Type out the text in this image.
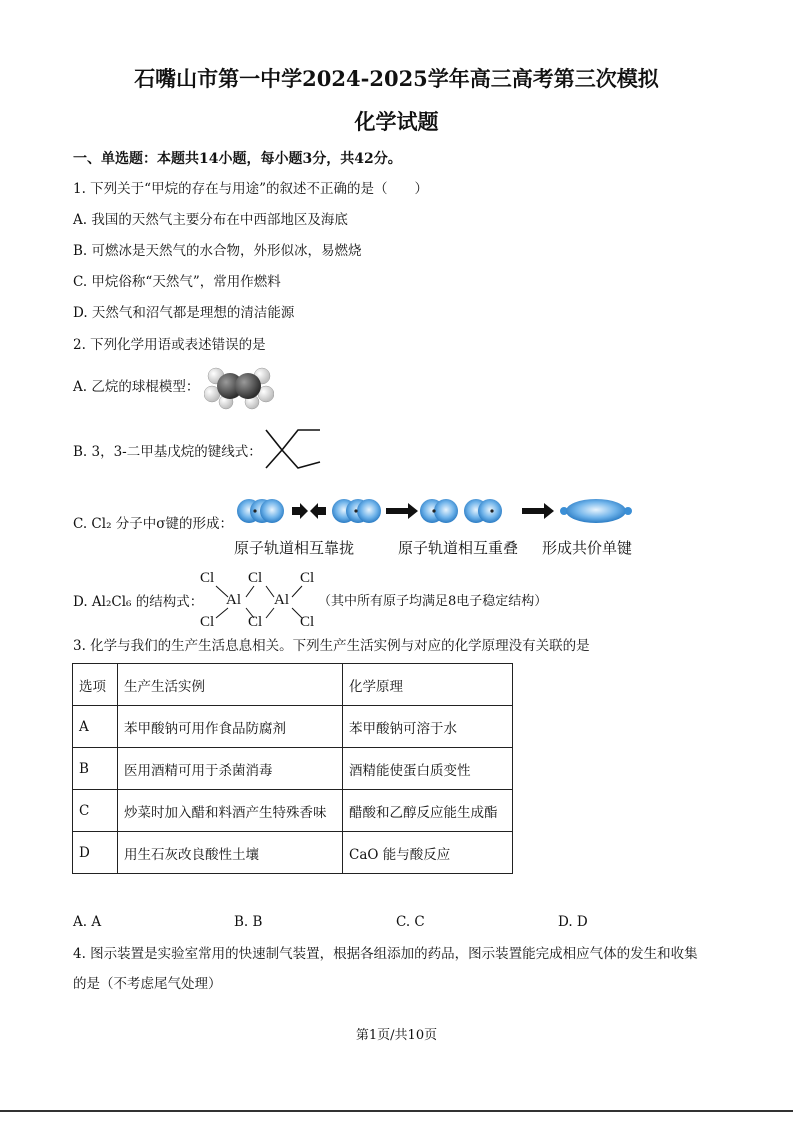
石嘴山市第一中学2024-2025学年高三高考第三次模拟
化学试题
一、单选题：本题共14小题，每小题3分，共42分。
1. 下列关于“甲烷的存在与用途”的叙述不正确的是（　　）
A. 我国的天然气主要分布在中西部地区及海底
B. 可燃冰是天然气的水合物，外形似冰，易燃烧
C. 甲烷俗称“天然气”，常用作燃料
D. 天然气和沼气都是理想的清洁能源
2. 下列化学用语或表述错误的是
A. 乙烷的球棍模型：
B. 3，3-二甲基戊烷的键线式：
C. Cl₂ 分子中σ键的形成：
原子轨道相互靠拢	原子轨道相互重叠 形成共价单键
D. Al₂Cl₆ 的结构式：
Cl Cl	Cl
Al Al
Cl Cl	Cl
（其中所有原子均满足8电子稳定结构）
3. 化学与我们的生产生活息息相关。下列生产生活实例与对应的化学原理没有关联的是
选项	生产生活实例	化学原理
A	苯甲酸钠可用作食品防腐剂	苯甲酸钠可溶于水
B	医用酒精可用于杀菌消毒	酒精能使蛋白质变性
C	炒菜时加入醋和料酒产生特殊香味	醋酸和乙醇反应能生成酯
D	用生石灰改良酸性土壤	CaO 能与酸反应
A. A	B. B	C. C	D. D
4. 图示装置是实验室常用的快速制气装置，根据各组添加的药品，图示装置能完成相应气体的发生和收集
的是（不考虑尾气处理）
第1页/共10页
